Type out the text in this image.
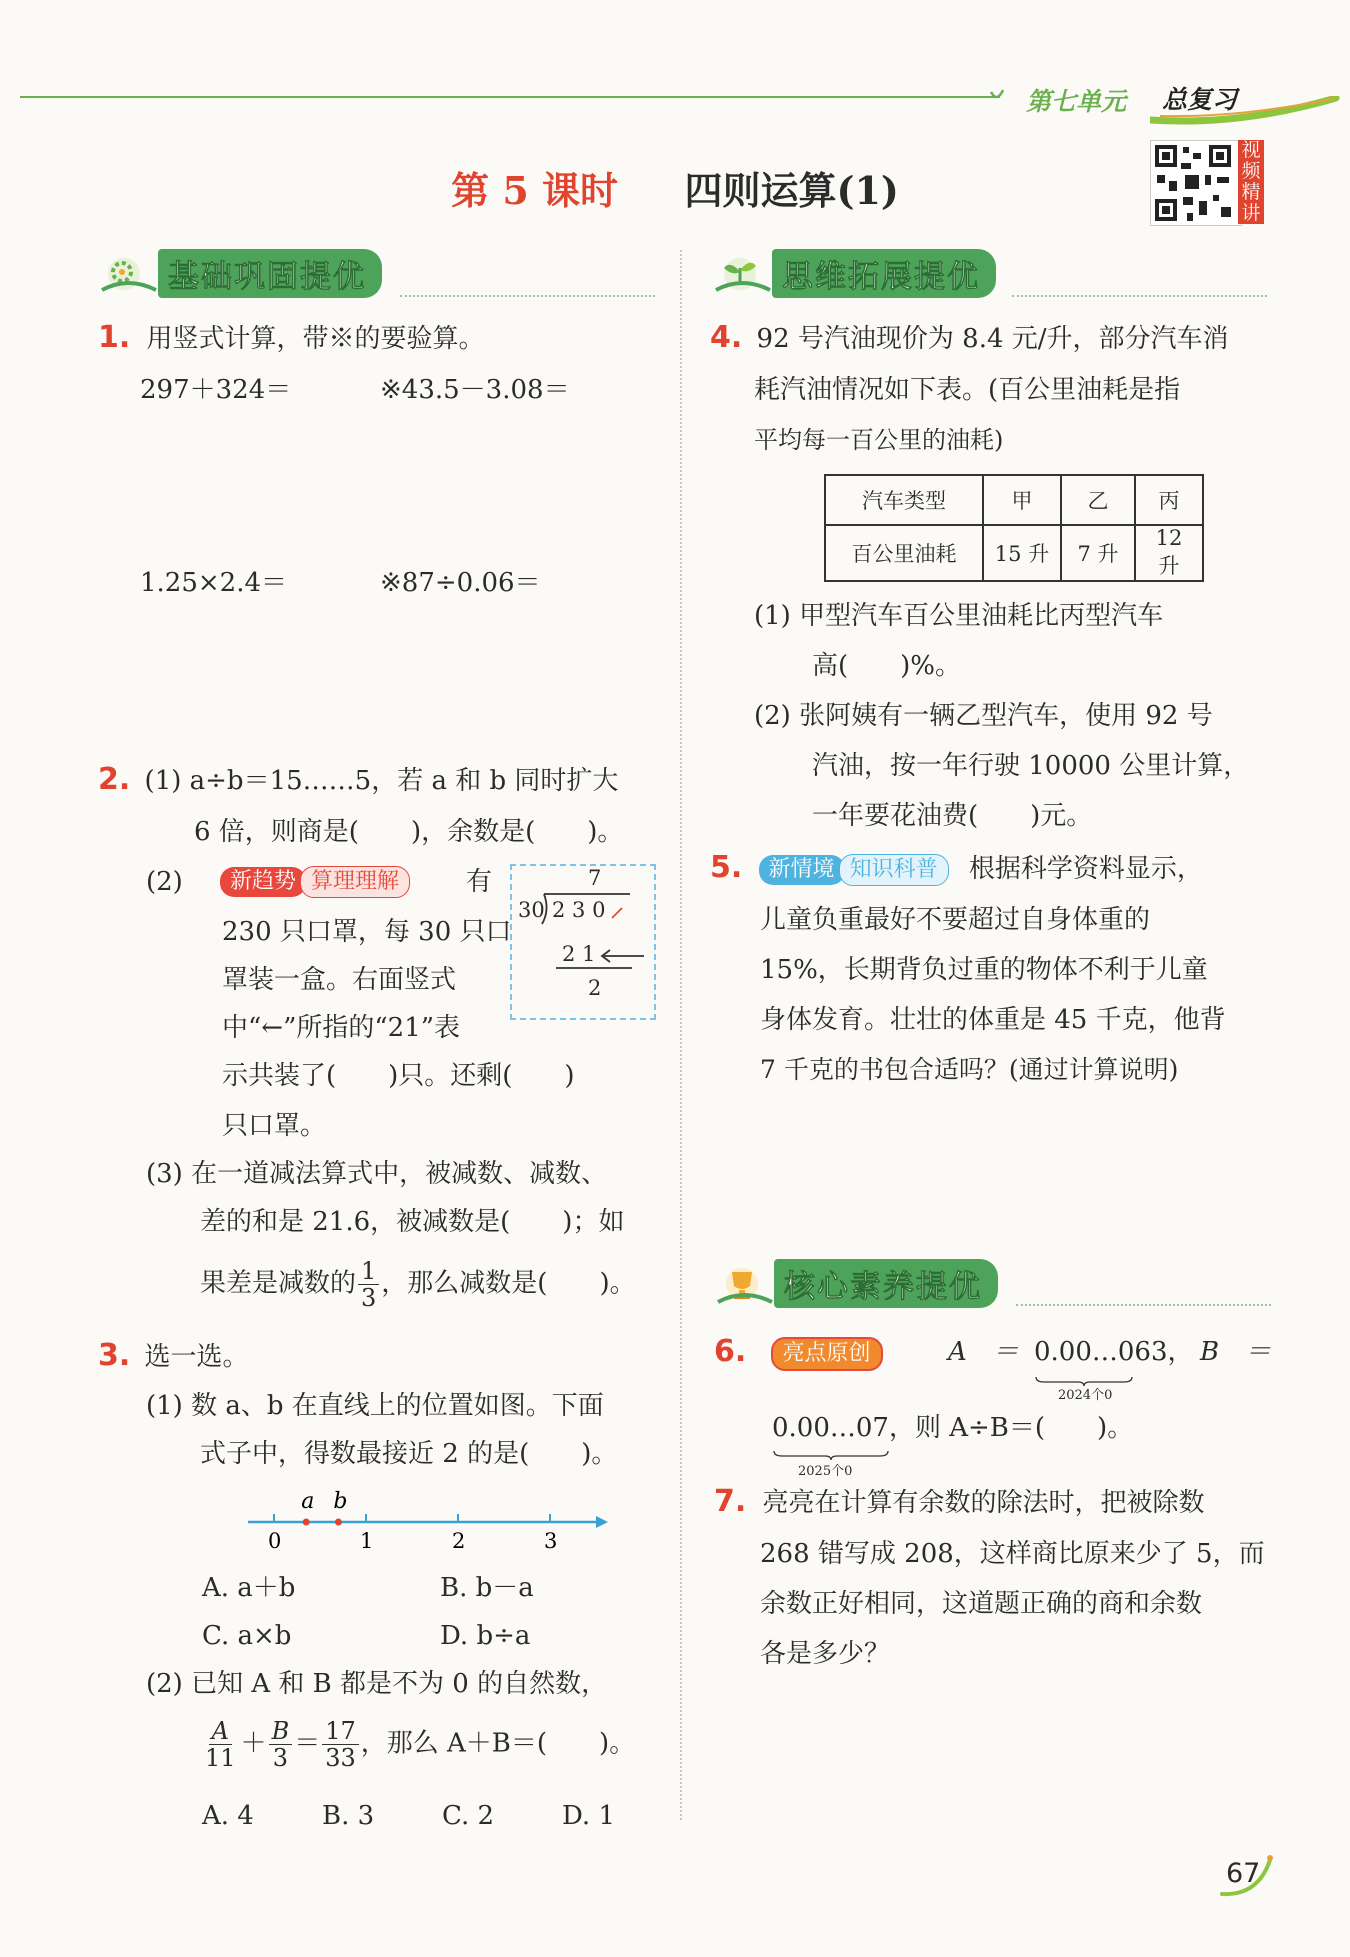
第七单元 总复习
第 5 课时 四则运算(1)
视频精讲
基础巩固提优
1. 用竖式计算，带※的要验算。
297＋324＝	※43.5－3.08＝
1.25×2.4＝	※87÷0.06＝
2. (1) a÷b＝15……5，若 a 和 b 同时扩大
6 倍，则商是(　　)，余数是(　　)。
(2)	新趋势 算理理解	有
230 只口罩，每 30 只口
罩装一盒。右面竖式
中“←”所指的“21”表
示共装了(　　)只。还剩(　　)
只口罩。
7
30 2 3 0
2 1
2
(3) 在一道减法算式中，被减数、减数、
差的和是 21.6，被减数是(　　)；如
果差是减数的 $\frac{1}{3}$ ，那么减数是(　　)。
3. 选一选。
(1) 数 a、b 在直线上的位置如图。下面
式子中，得数最接近 2 的是(　　)。
0	1	2	3
a b
A. a＋b	B. b－a
C. a×b	D. b÷a
(2) 已知 A 和 B 都是不为 0 的自然数，
$\frac{A}{11} + \frac{B}{3} = \frac{17}{33}$ ，那么 A＋B＝(　　)。
A. 4	B. 3	C. 2	D. 1
思维拓展提优
4. 92 号汽油现价为 8.4 元/升，部分汽车消
耗汽油情况如下表。(百公里油耗是指
平均每一百公里的油耗)
汽车类型	甲	乙	丙
百公里油耗	15 升	7 升	12 升
(1) 甲型汽车百公里油耗比丙型汽车
高(　　)%。
(2) 张阿姨有一辆乙型汽车，使用 92 号
汽油，按一年行驶 10000 公里计算，
一年要花油费(　　)元。
5. 新情境 知识科普 根据科学资料显示，
儿童负重最好不要超过自身体重的
15%，长期背负过重的物体不利于儿童
身体发育。壮壮的体重是 45 千克，他背
7 千克的书包合适吗？(通过计算说明)
核心素养提优
6. 亮点原创	A　＝ 0.00…063， B　＝
2024个0
0.00…07，则 A÷B＝(　　)。
2025个0
7. 亮亮在计算有余数的除法时，把被除数
268 错写成 208，这样商比原来少了 5，而
余数正好相同，这道题正确的商和余数
各是多少？
67
